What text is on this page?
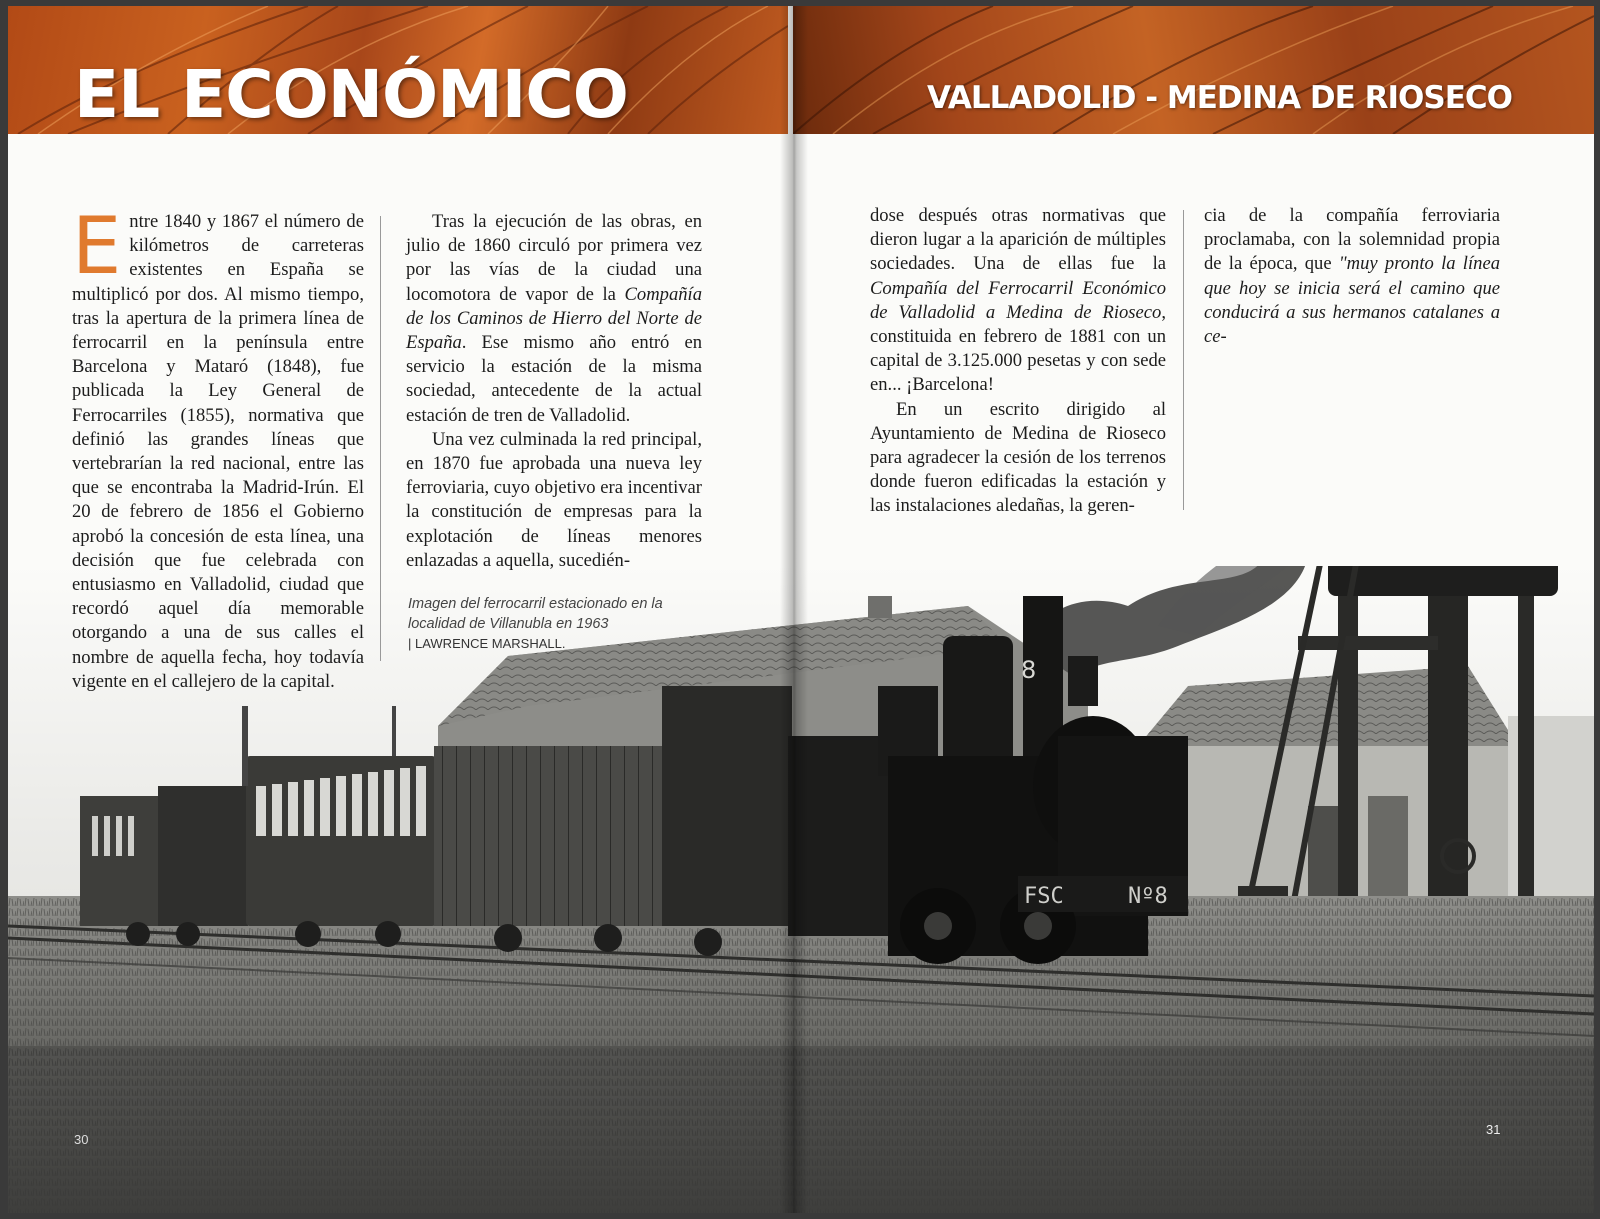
FSC	Nº8
8
EL ECONÓMICO	VALLADOLID - MEDINA DE RIOSECO

Entre 1840 y 1867 el número de kilómetros de carreteras existentes en España se multiplicó por dos. Al mismo tiempo, tras la apertura de la primera línea de ferrocarril en la península entre Barcelona y Mataró (1848), fue publicada la Ley General de Ferrocarriles (1855), normativa que definió las grandes líneas que vertebrarían la red nacional, entre las que se encontraba la Madrid-Irún. El 20 de febrero de 1856 el Gobierno aprobó la concesión de esta línea, una decisión que fue celebrada con entusiasmo en Valladolid, ciudad que recordó aquel día memorable otorgando a una de sus calles el nombre de aquella fecha, hoy todavía vigente en el callejero de la capital.

Tras la ejecución de las obras, en julio de 1860 circuló por primera vez por las vías de la ciudad una locomotora de vapor de la Compañía de los Caminos de Hierro del Norte de España. Ese mismo año entró en servicio la estación de la misma sociedad, antecedente de la actual estación de tren de Valladolid.

Una vez culminada la red principal, en 1870 fue aprobada una nueva ley ferroviaria, cuyo objetivo era incentivar la constitución de empresas para la explotación de líneas menores enlazadas a aquella, sucedién-

dose después otras normativas que dieron lugar a la aparición de múltiples sociedades. Una de ellas fue la Compañía del Ferrocarril Económico de Valladolid a Medina de Rioseco, constituida en febrero de 1881 con un capital de 3.125.000 pesetas y con sede en... ¡Barcelona!

En un escrito dirigido al Ayuntamiento de Medina de Rioseco para agradecer la cesión de los terrenos donde fueron edificadas la estación y las instalaciones aledañas, la geren-

cia de la compañía ferroviaria proclamaba, con la solemnidad propia de la época, que "muy pronto la línea que hoy se inicia será el camino que conducirá a sus hermanos catalanes a ce-

Imagen del ferrocarril estacionado en la localidad de Villanubla en 1963
| LAWRENCE MARSHALL.
30
31
